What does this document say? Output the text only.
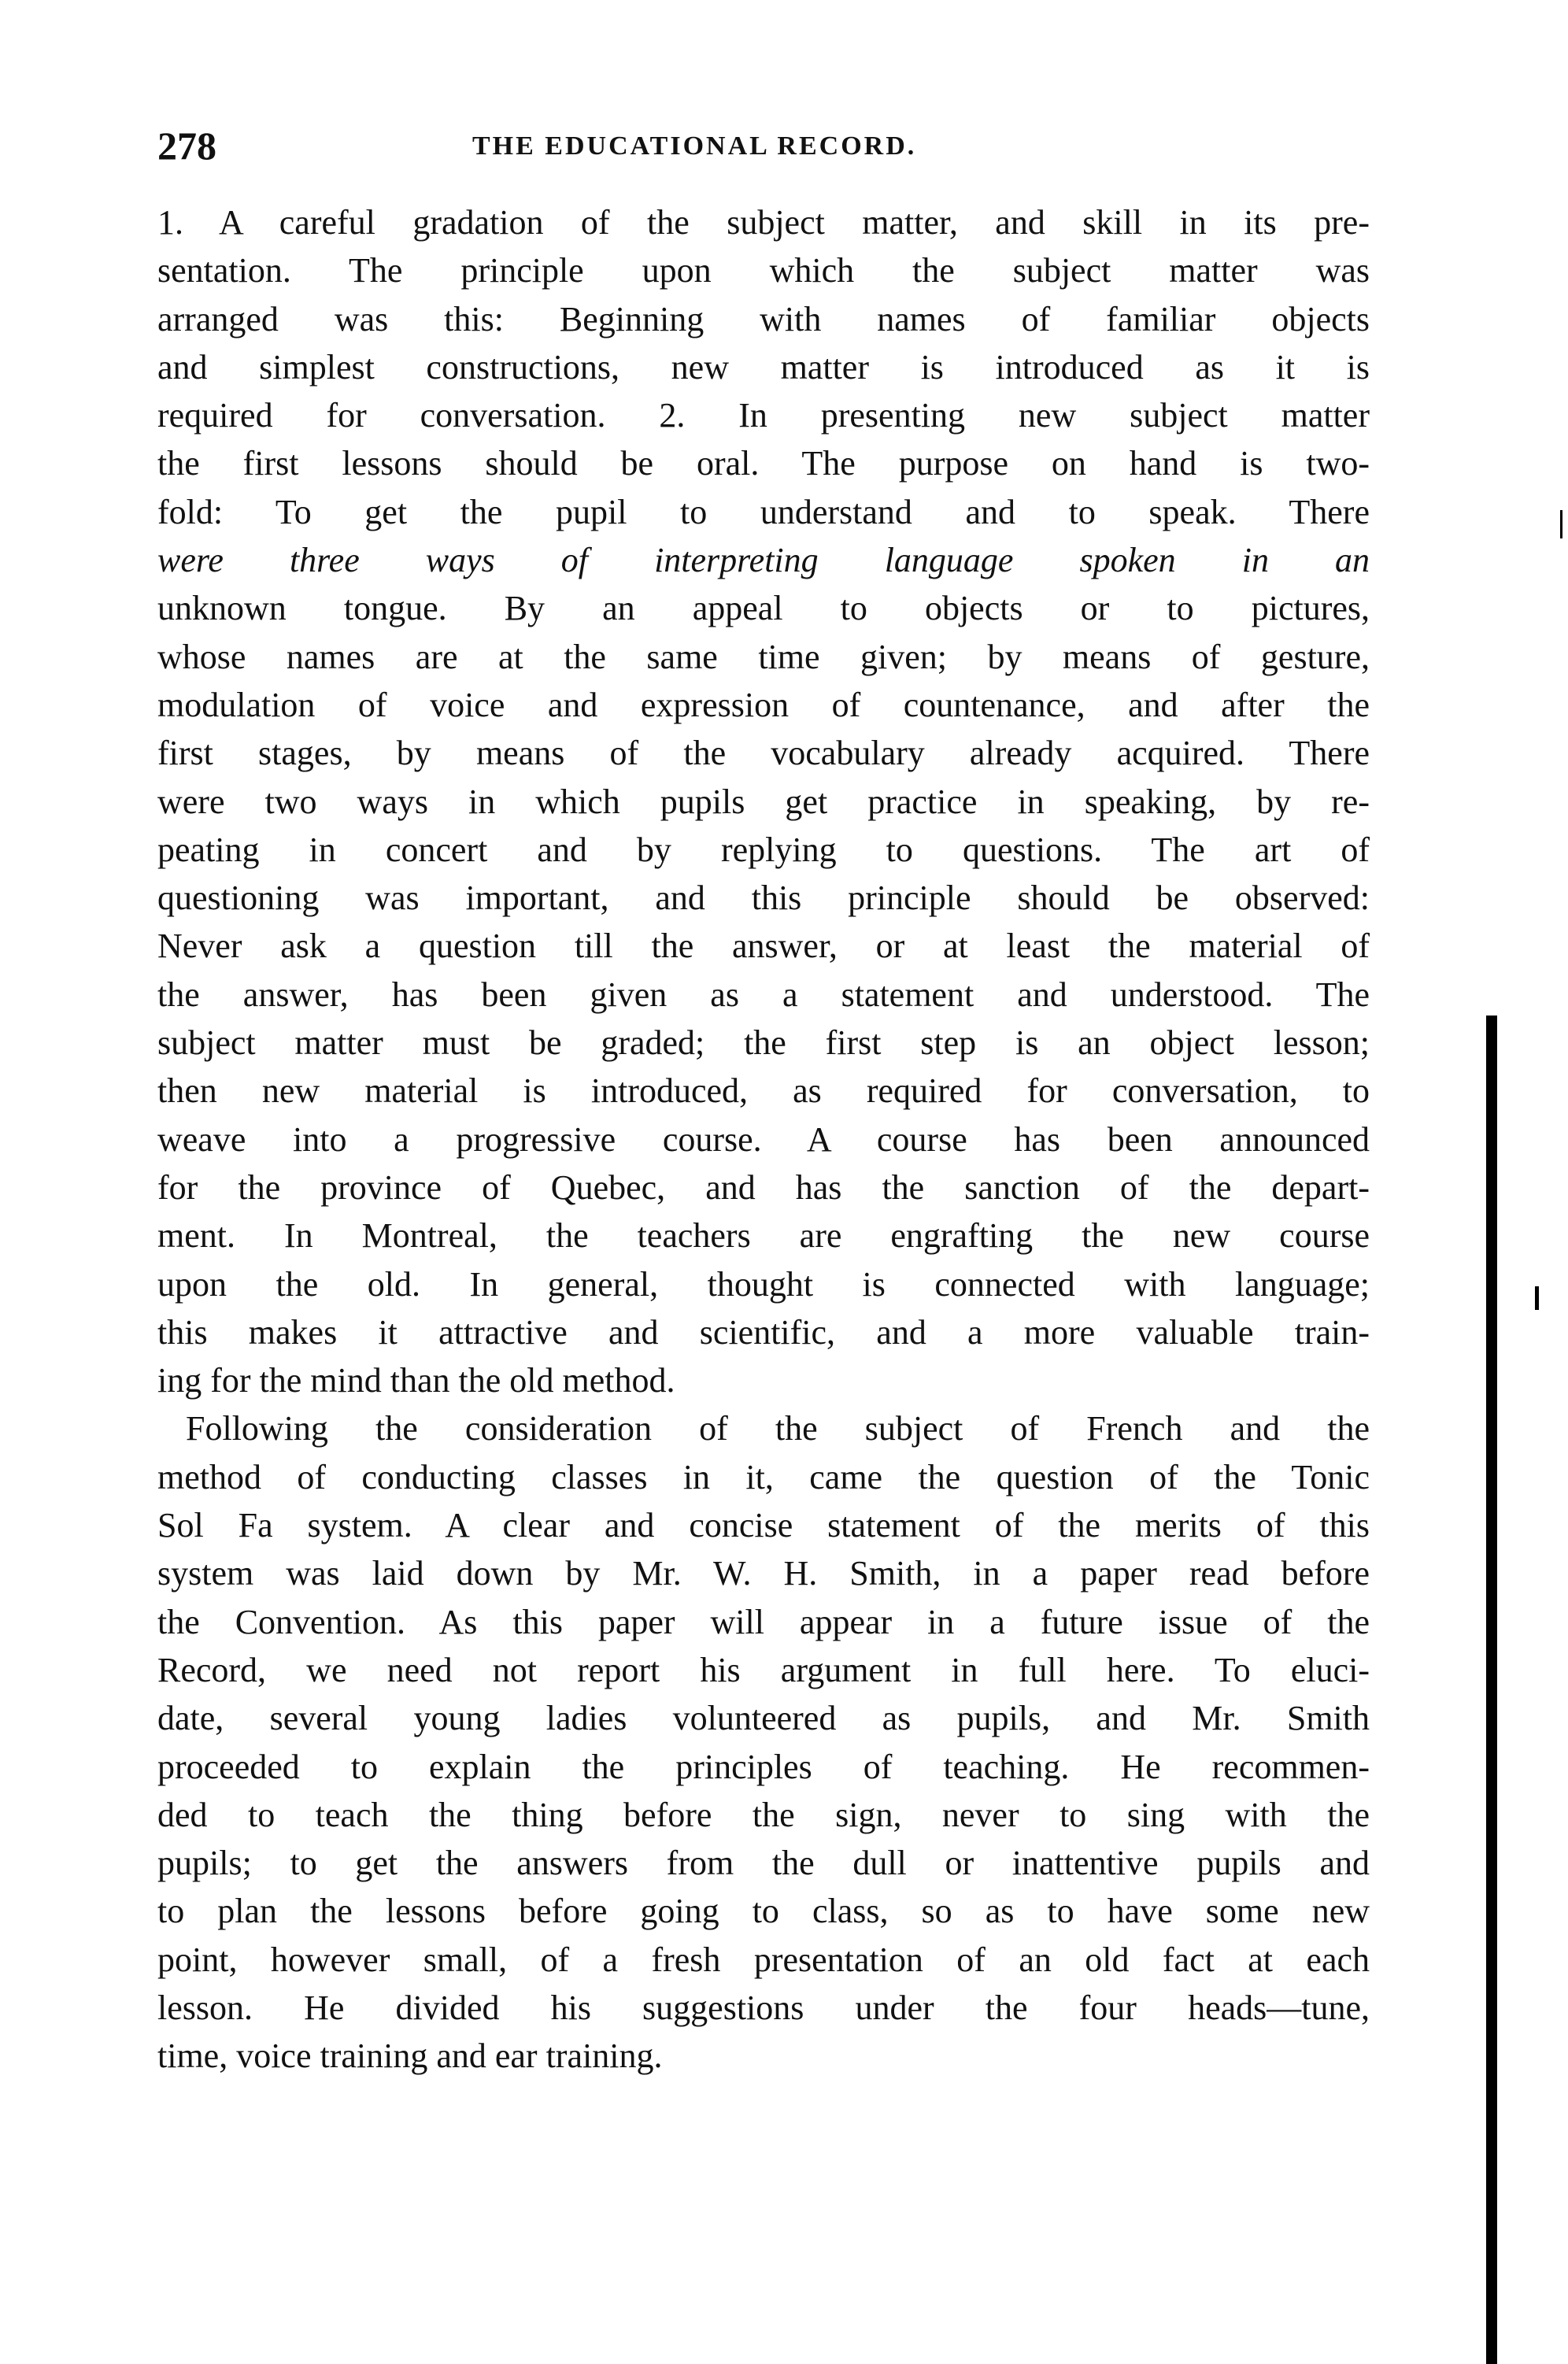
278	THE EDUCATIONAL RECORD.
1. A careful gradation of the subject matter, and skill in its pre-
sentation. The principle upon which the subject matter was
arranged was this: Beginning with names of familiar objects
and simplest constructions, new matter is introduced as it is
required for conversation. 2. In presenting new subject matter
the first lessons should be oral. The purpose on hand is two-
fold: To get the pupil to understand and to speak. There
were three ways of interpreting language spoken in an
unknown tongue. By an appeal to objects or to pictures,
whose names are at the same time given; by means of gesture,
modulation of voice and expression of countenance, and after the
first stages, by means of the vocabulary already acquired. There
were two ways in which pupils get practice in speaking, by re-
peating in concert and by replying to questions. The art of
questioning was important, and this principle should be observed:
Never ask a question till the answer, or at least the material of
the answer, has been given as a statement and understood. The
subject matter must be graded; the first step is an object lesson;
then new material is introduced, as required for conversation, to
weave into a progressive course. A course has been announced
for the province of Quebec, and has the sanction of the depart-
ment. In Montreal, the teachers are engrafting the new course
upon the old. In general, thought is connected with language;
this makes it attractive and scientific, and a more valuable train-
ing for the mind than the old method.
Following the consideration of the subject of French and the
method of conducting classes in it, came the question of the Tonic
Sol Fa system. A clear and concise statement of the merits of this
system was laid down by Mr. W. H. Smith, in a paper read before
the Convention. As this paper will appear in a future issue of the
Record, we need not report his argument in full here. To eluci-
date, several young ladies volunteered as pupils, and Mr. Smith
proceeded to explain the principles of teaching. He recommen-
ded to teach the thing before the sign, never to sing with the
pupils; to get the answers from the dull or inattentive pupils and
to plan the lessons before going to class, so as to have some new
point, however small, of a fresh presentation of an old fact at each
lesson. He divided his suggestions under the four heads—tune,
time, voice training and ear training.
